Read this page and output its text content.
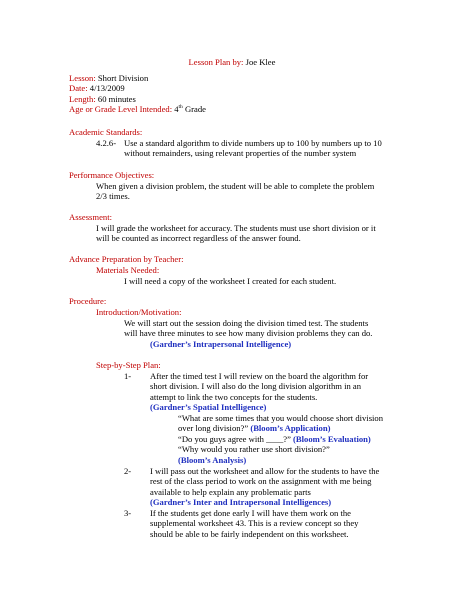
Lesson Plan by: Joe Klee
Lesson: Short Division
Date: 4/13/2009
Length: 60 minutes
Age or Grade Level Intended: 4th Grade
Academic Standards:
4.2.6- Use a standard algorithm to divide numbers up to 100 by numbers up to 10
without remainders, using relevant properties of the number system
Performance Objectives:
When given a division problem, the student will be able to complete the problem
2/3 times.
Assessment:
I will grade the worksheet for accuracy. The students must use short division or it
will be counted as incorrect regardless of the answer found.
Advance Preparation by Teacher:
Materials Needed:
I will need a copy of the worksheet I created for each student.
Procedure:
Introduction/Motivation:
We will start out the session doing the division timed test. The students
will have three minutes to see how many division problems they can do.
(Gardner’s Intrapersonal Intelligence)
Step-by-Step Plan:
1- After the timed test I will review on the board the algorithm for
short division. I will also do the long division algorithm in an
attempt to link the two concepts for the students.
(Gardner’s Spatial Intelligence)
“What are some times that you would choose short division
over long division?” (Bloom’s Application)
“Do you guys agree with ____?” (Bloom’s Evaluation)
“Why would you rather use short division?”
(Bloom’s Analysis)
2- I will pass out the worksheet and allow for the students to have the
rest of the class period to work on the assignment with me being
available to help explain any problematic parts
(Gardner’s Inter and Intrapersonal Intelligences)
3- If the students get done early I will have them work on the
supplemental worksheet 43. This is a review concept so they
should be able to be fairly independent on this worksheet.
